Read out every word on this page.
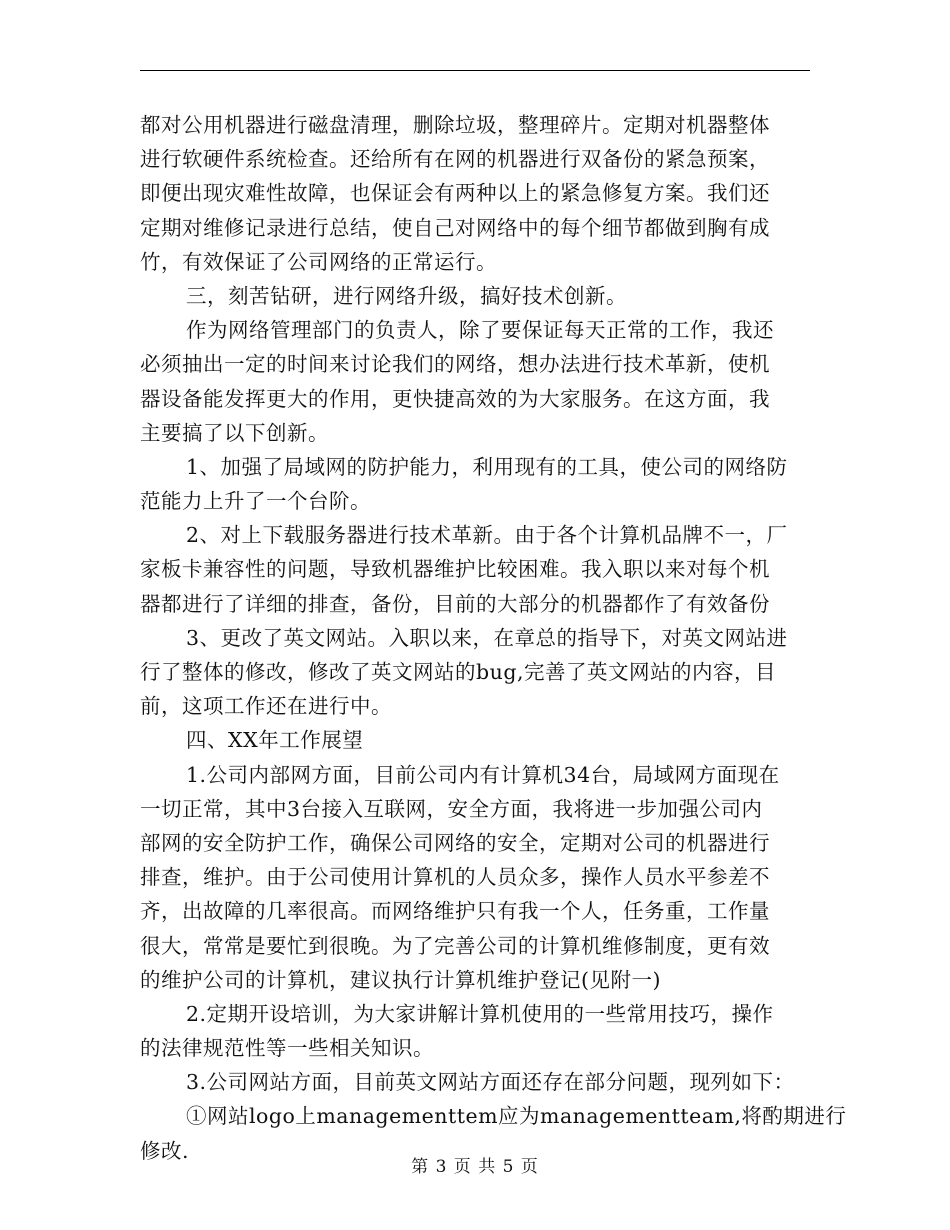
都对公用机器进行磁盘清理，删除垃圾，整理碎片。定期对机器整体
进行软硬件系统检查。还给所有在网的机器进行双备份的紧急预案，
即便出现灾难性故障，也保证会有两种以上的紧急修复方案。我们还
定期对维修记录进行总结，使自己对网络中的每个细节都做到胸有成
竹，有效保证了公司网络的正常运行。
三，刻苦钻研，进行网络升级，搞好技术创新。
作为网络管理部门的负责人，除了要保证每天正常的工作，我还
必须抽出一定的时间来讨论我们的网络，想办法进行技术革新，使机
器设备能发挥更大的作用，更快捷高效的为大家服务。在这方面，我
主要搞了以下创新。
1、加强了局域网的防护能力，利用现有的工具，使公司的网络防
范能力上升了一个台阶。
2、对上下载服务器进行技术革新。由于各个计算机品牌不一，厂
家板卡兼容性的问题，导致机器维护比较困难。我入职以来对每个机
器都进行了详细的排查，备份，目前的大部分的机器都作了有效备份
3、更改了英文网站。入职以来，在章总的指导下，对英文网站进
行了整体的修改，修改了英文网站的bug,完善了英文网站的内容，目
前，这项工作还在进行中。
四、XX年工作展望
1.公司内部网方面，目前公司内有计算机34台，局域网方面现在
一切正常，其中3台接入互联网，安全方面，我将进一步加强公司内
部网的安全防护工作，确保公司网络的安全，定期对公司的机器进行
排查，维护。由于公司使用计算机的人员众多，操作人员水平参差不
齐，出故障的几率很高。而网络维护只有我一个人，任务重，工作量
很大，常常是要忙到很晚。为了完善公司的计算机维修制度，更有效
的维护公司的计算机，建议执行计算机维护登记(见附一)
2.定期开设培训，为大家讲解计算机使用的一些常用技巧，操作
的法律规范性等一些相关知识。
3.公司网站方面，目前英文网站方面还存在部分问题，现列如下：
①网站logo上managementtem应为managementteam,将酌期进行
修改.
第 3 页 共 5 页
